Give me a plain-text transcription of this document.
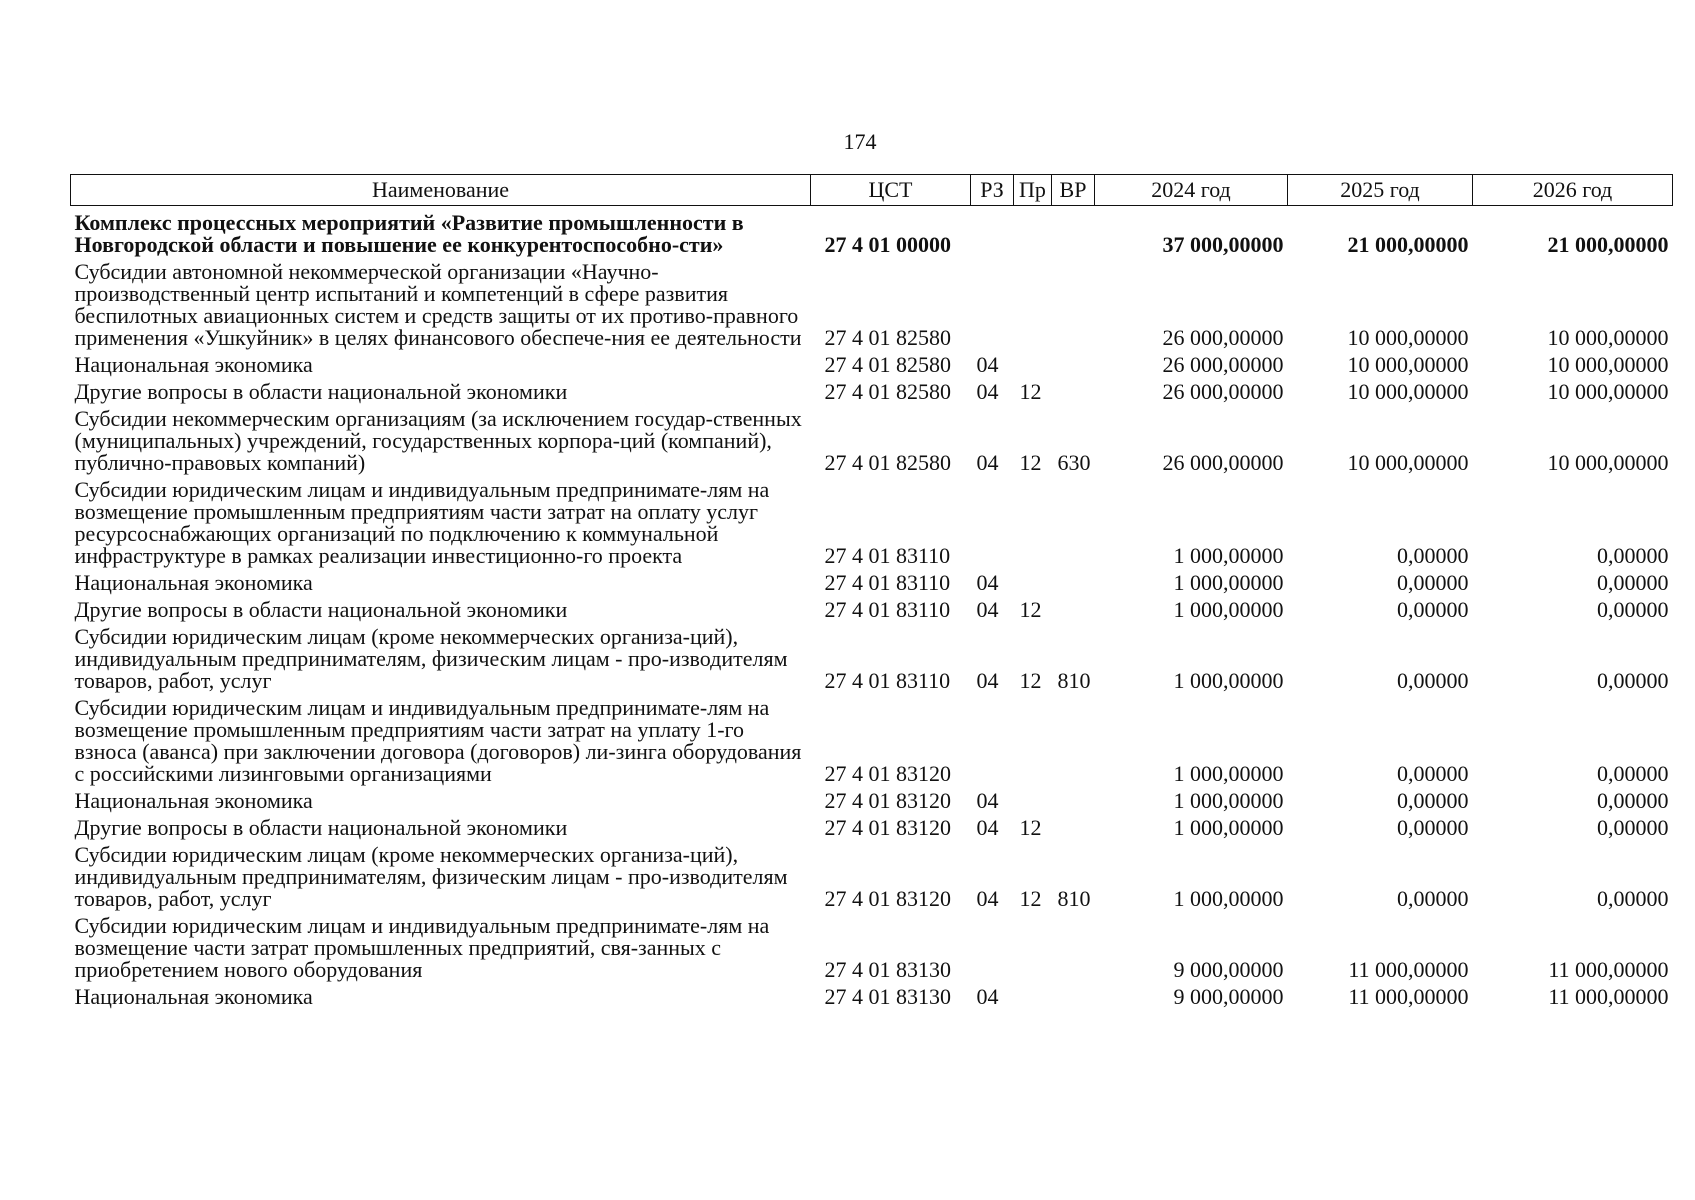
174
Наименование	ЦСТ	РЗ	Пр	ВР	2024 год	2025 год	2026 год
Комплекс процессных мероприятий «Развитие промышленности в Новгородской области и повышение ее конкурентоспособно-сти»	27 4 01 00000				37 000,00000	21 000,00000	21 000,00000
Субсидии автономной некоммерческой организации «Научно-производственный центр испытаний и компетенций в сфере развития беспилотных авиационных систем и средств защиты от их противо-правного применения «Ушкуйник» в целях финансового обеспече-ния ее деятельности	27 4 01 82580				26 000,00000	10 000,00000	10 000,00000
Национальная экономика	27 4 01 82580	04			26 000,00000	10 000,00000	10 000,00000
Другие вопросы в области национальной экономики	27 4 01 82580	04	12		26 000,00000	10 000,00000	10 000,00000
Субсидии некоммерческим организациям (за исключением государ-ственных (муниципальных) учреждений, государственных корпора-ций (компаний), публично-правовых компаний)	27 4 01 82580	04	12	630	26 000,00000	10 000,00000	10 000,00000
Субсидии юридическим лицам и индивидуальным предпринимате-лям на возмещение промышленным предприятиям части затрат на оплату услуг ресурсоснабжающих организаций по подключению к коммунальной инфраструктуре в рамках реализации инвестиционно-го проекта	27 4 01 83110				1 000,00000	0,00000	0,00000
Национальная экономика	27 4 01 83110	04			1 000,00000	0,00000	0,00000
Другие вопросы в области национальной экономики	27 4 01 83110	04	12		1 000,00000	0,00000	0,00000
Субсидии юридическим лицам (кроме некоммерческих организа-ций), индивидуальным предпринимателям, физическим лицам - про-изводителям товаров, работ, услуг	27 4 01 83110	04	12	810	1 000,00000	0,00000	0,00000
Субсидии юридическим лицам и индивидуальным предпринимате-лям на возмещение промышленным предприятиям части затрат на уплату 1-го взноса (аванса) при заключении договора (договоров) ли-зинга оборудования с российскими лизинговыми организациями	27 4 01 83120				1 000,00000	0,00000	0,00000
Национальная экономика	27 4 01 83120	04			1 000,00000	0,00000	0,00000
Другие вопросы в области национальной экономики	27 4 01 83120	04	12		1 000,00000	0,00000	0,00000
Субсидии юридическим лицам (кроме некоммерческих организа-ций), индивидуальным предпринимателям, физическим лицам - про-изводителям товаров, работ, услуг	27 4 01 83120	04	12	810	1 000,00000	0,00000	0,00000
Субсидии юридическим лицам и индивидуальным предпринимате-лям на возмещение части затрат промышленных предприятий, свя-занных с приобретением нового оборудования	27 4 01 83130				9 000,00000	11 000,00000	11 000,00000
Национальная экономика	27 4 01 83130	04			9 000,00000	11 000,00000	11 000,00000
